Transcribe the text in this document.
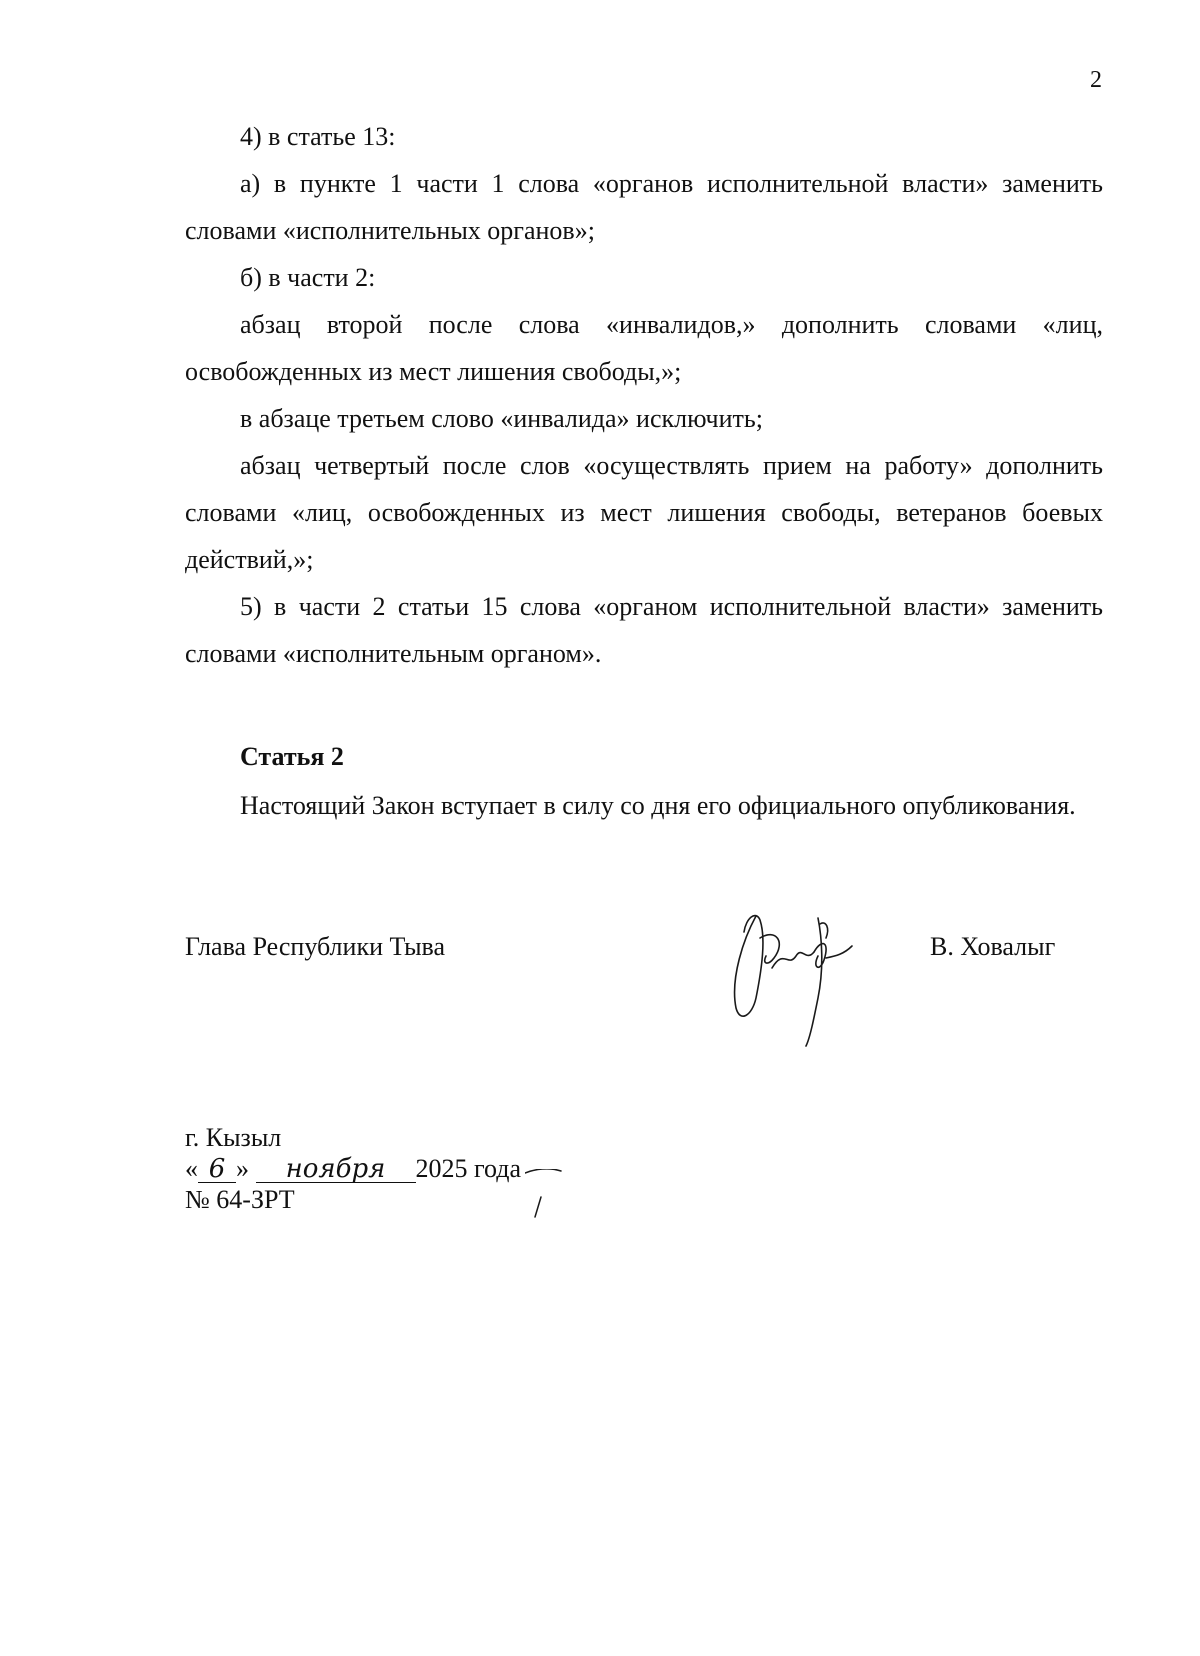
2

4) в статье 13:

а) в пункте 1 части 1 слова «органов исполнительной власти» заменить словами «исполнительных органов»;

б) в части 2:

абзац второй после слова «инвалидов,» дополнить словами «лиц, освобожденных из мест лишения свободы,»;

в абзаце третьем слово «инвалида» исключить;

абзац четвертый после слов «осуществлять прием на работу» дополнить словами «лиц, освобожденных из мест лишения свободы, ветеранов боевых действий,»;

5) в части 2 статьи 15 слова «органом исполнительной власти» заменить словами «исполнительным органом».

Статья 2

Настоящий Закон вступает в силу со дня его официального опубликования.

Глава Республики Тыва	В. Ховалыг
г. Кызыл
« 6 » ноября 2025 года
№ 64-ЗРТ
